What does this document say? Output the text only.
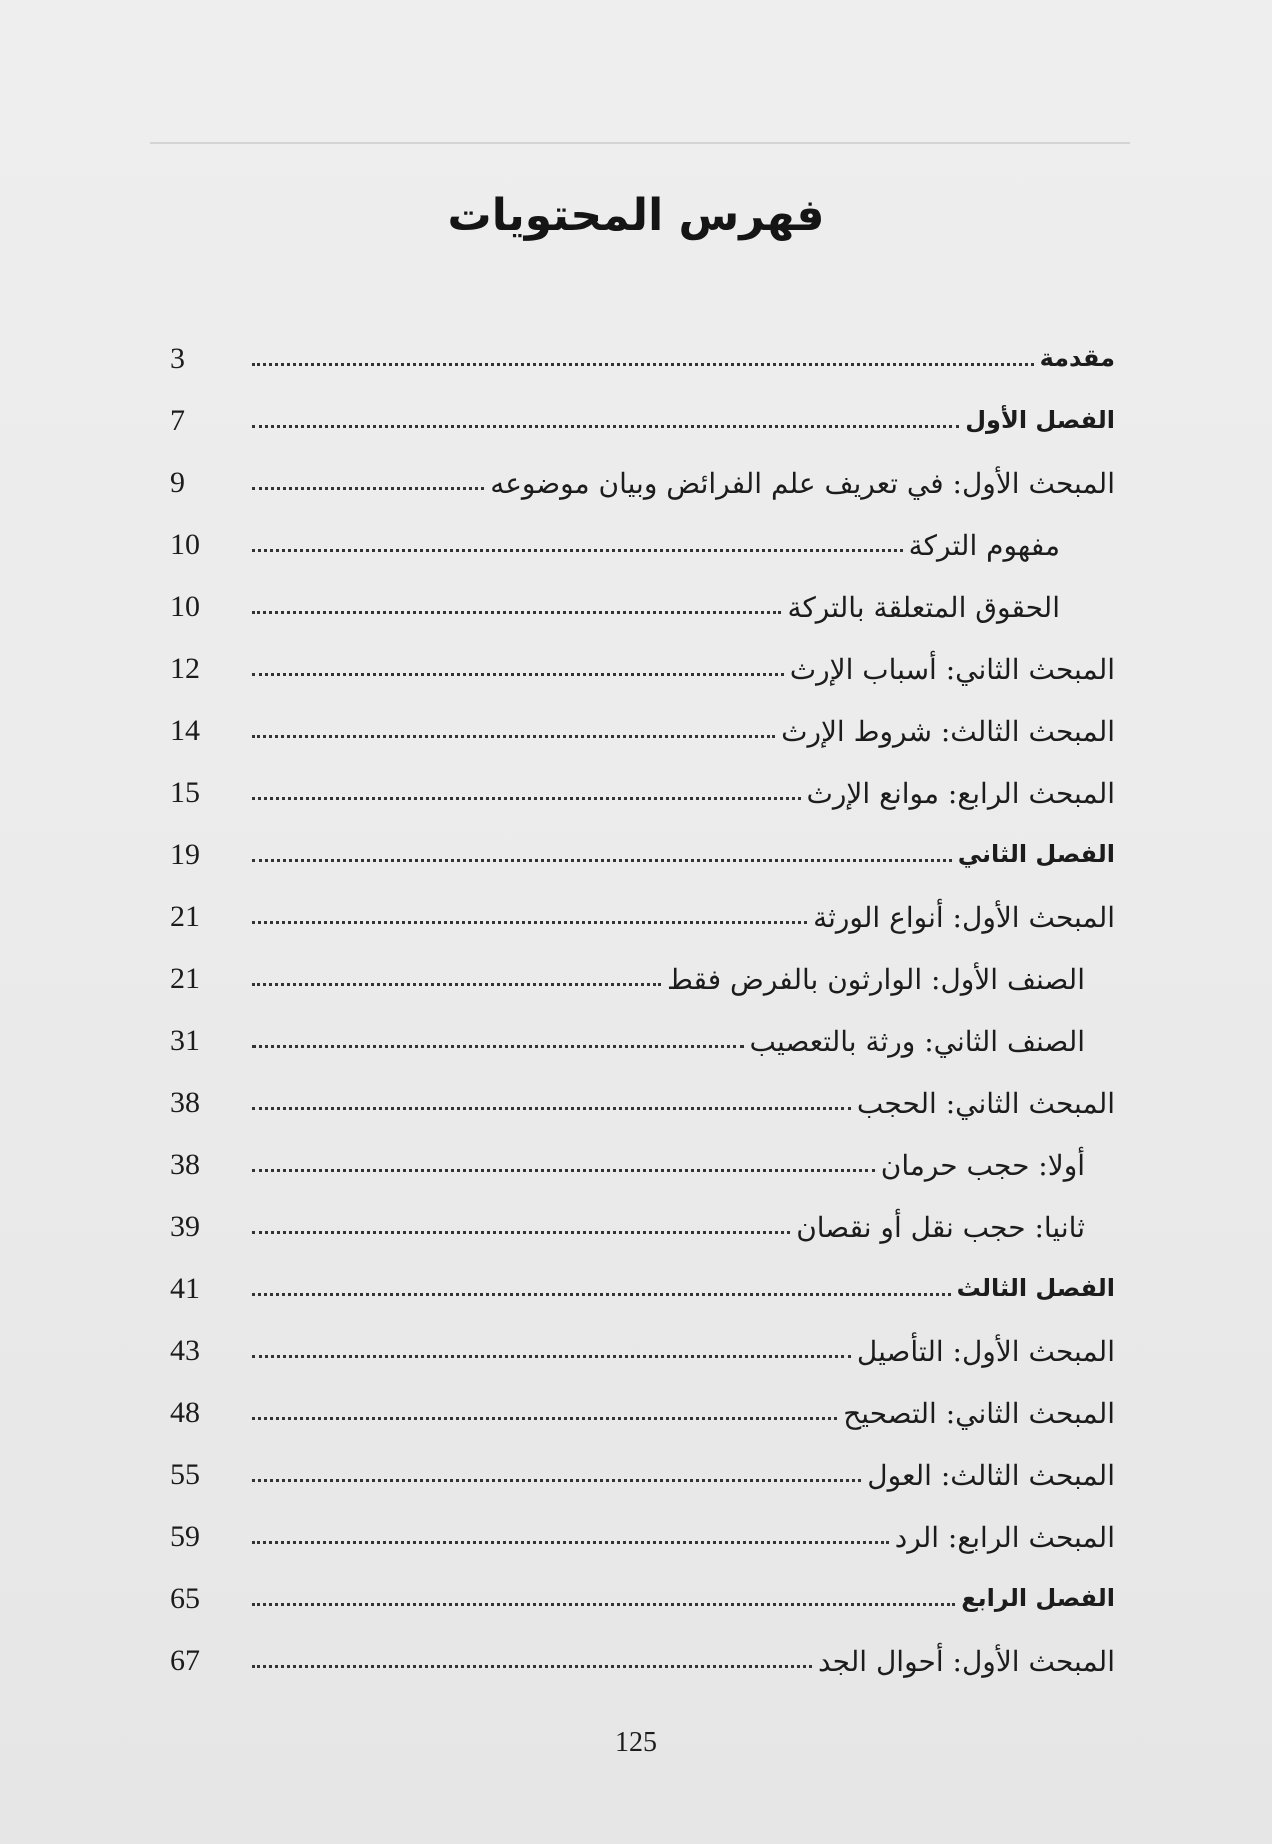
فهرس المحتويات
مقدمة
3
الفصل الأول
7
المبحث الأول: في تعريف علم الفرائض وبيان موضوعه
9
مفهوم التركة
10
الحقوق المتعلقة بالتركة
10
المبحث الثاني: أسباب الإرث
12
المبحث الثالث: شروط الإرث
14
المبحث الرابع: موانع الإرث
15
الفصل الثاني
19
المبحث الأول: أنواع الورثة
21
الصنف الأول: الوارثون بالفرض فقط
21
الصنف الثاني: ورثة بالتعصيب
31
المبحث الثاني: الحجب
38
أولا: حجب حرمان
38
ثانيا: حجب نقل أو نقصان
39
الفصل الثالث
41
المبحث الأول: التأصيل
43
المبحث الثاني: التصحيح
48
المبحث الثالث: العول
55
المبحث الرابع: الرد
59
الفصل الرابع
65
المبحث الأول: أحوال الجد
67
125
